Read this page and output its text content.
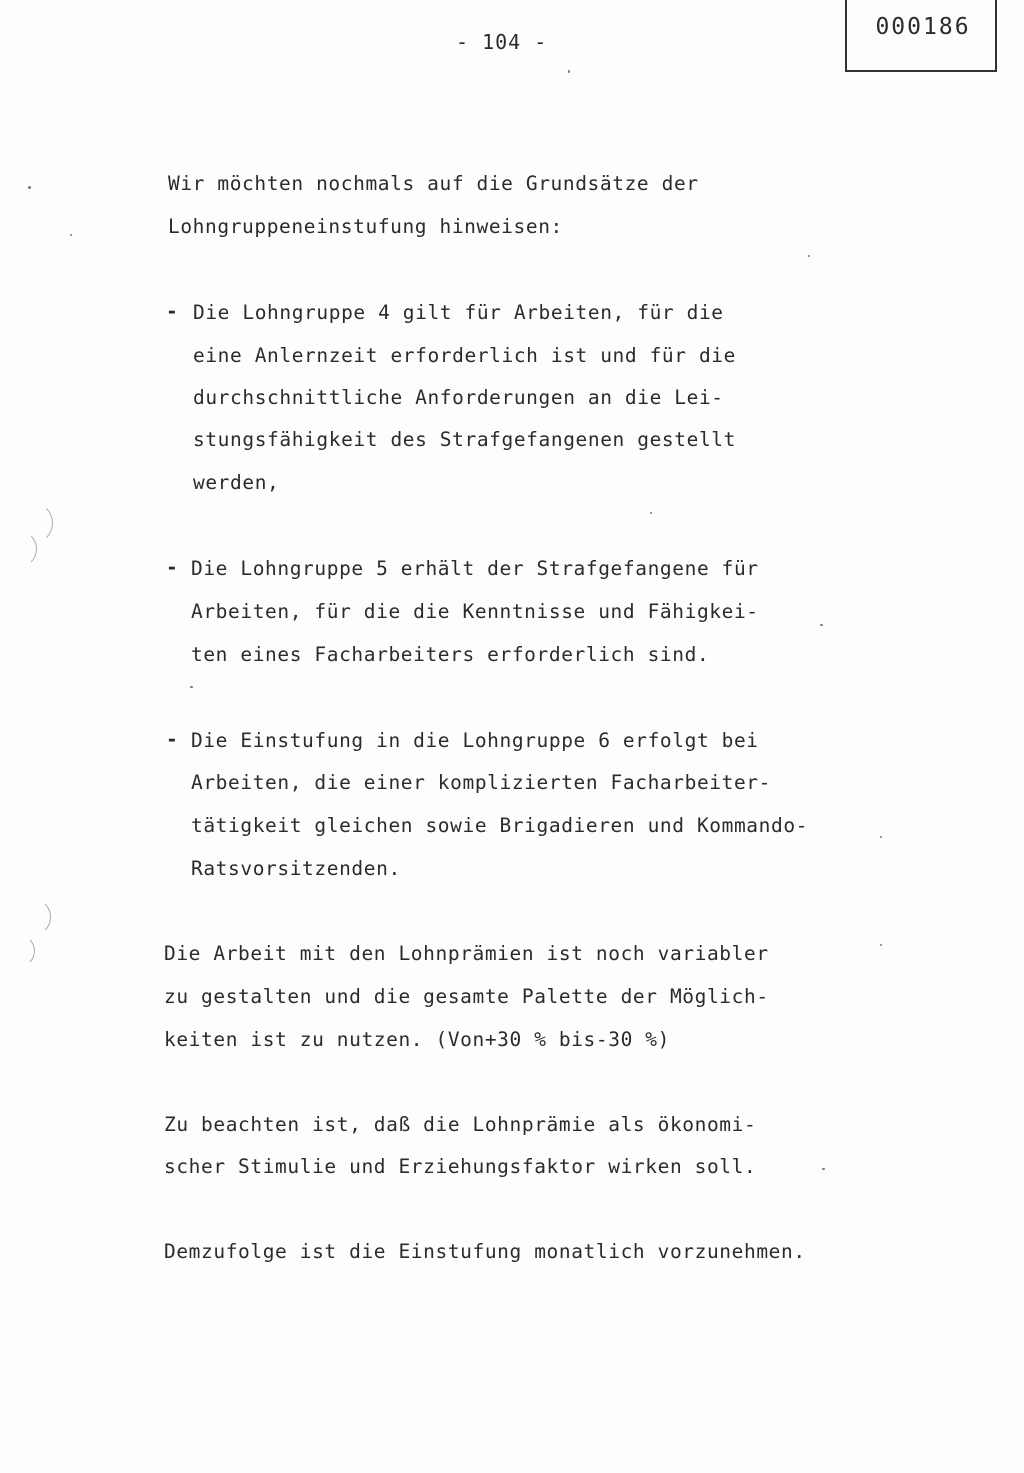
- 104 -
000186
Wir möchten nochmals auf die Grundsätze der
Lohngruppeneinstufung hinweisen:
- Die Lohngruppe 4 gilt für Arbeiten, für die
eine Anlernzeit erforderlich ist und für die
durchschnittliche Anforderungen an die Lei-
stungsfähigkeit des Strafgefangenen gestellt
werden,
- Die Lohngruppe 5 erhält der Strafgefangene für
Arbeiten, für die die Kenntnisse und Fähigkei-
ten eines Facharbeiters erforderlich sind.
- Die Einstufung in die Lohngruppe 6 erfolgt bei
Arbeiten, die einer komplizierten Facharbeiter-
tätigkeit gleichen sowie Brigadieren und Kommando-
Ratsvorsitzenden.
Die Arbeit mit den Lohnprämien ist noch variabler
zu gestalten und die gesamte Palette der Möglich-
keiten ist zu nutzen. (Von+30 % bis-30 %)
Zu beachten ist, daß die Lohnprämie als ökonomi-
scher Stimulie und Erziehungsfaktor wirken soll.
Demzufolge ist die Einstufung monatlich vorzunehmen.
